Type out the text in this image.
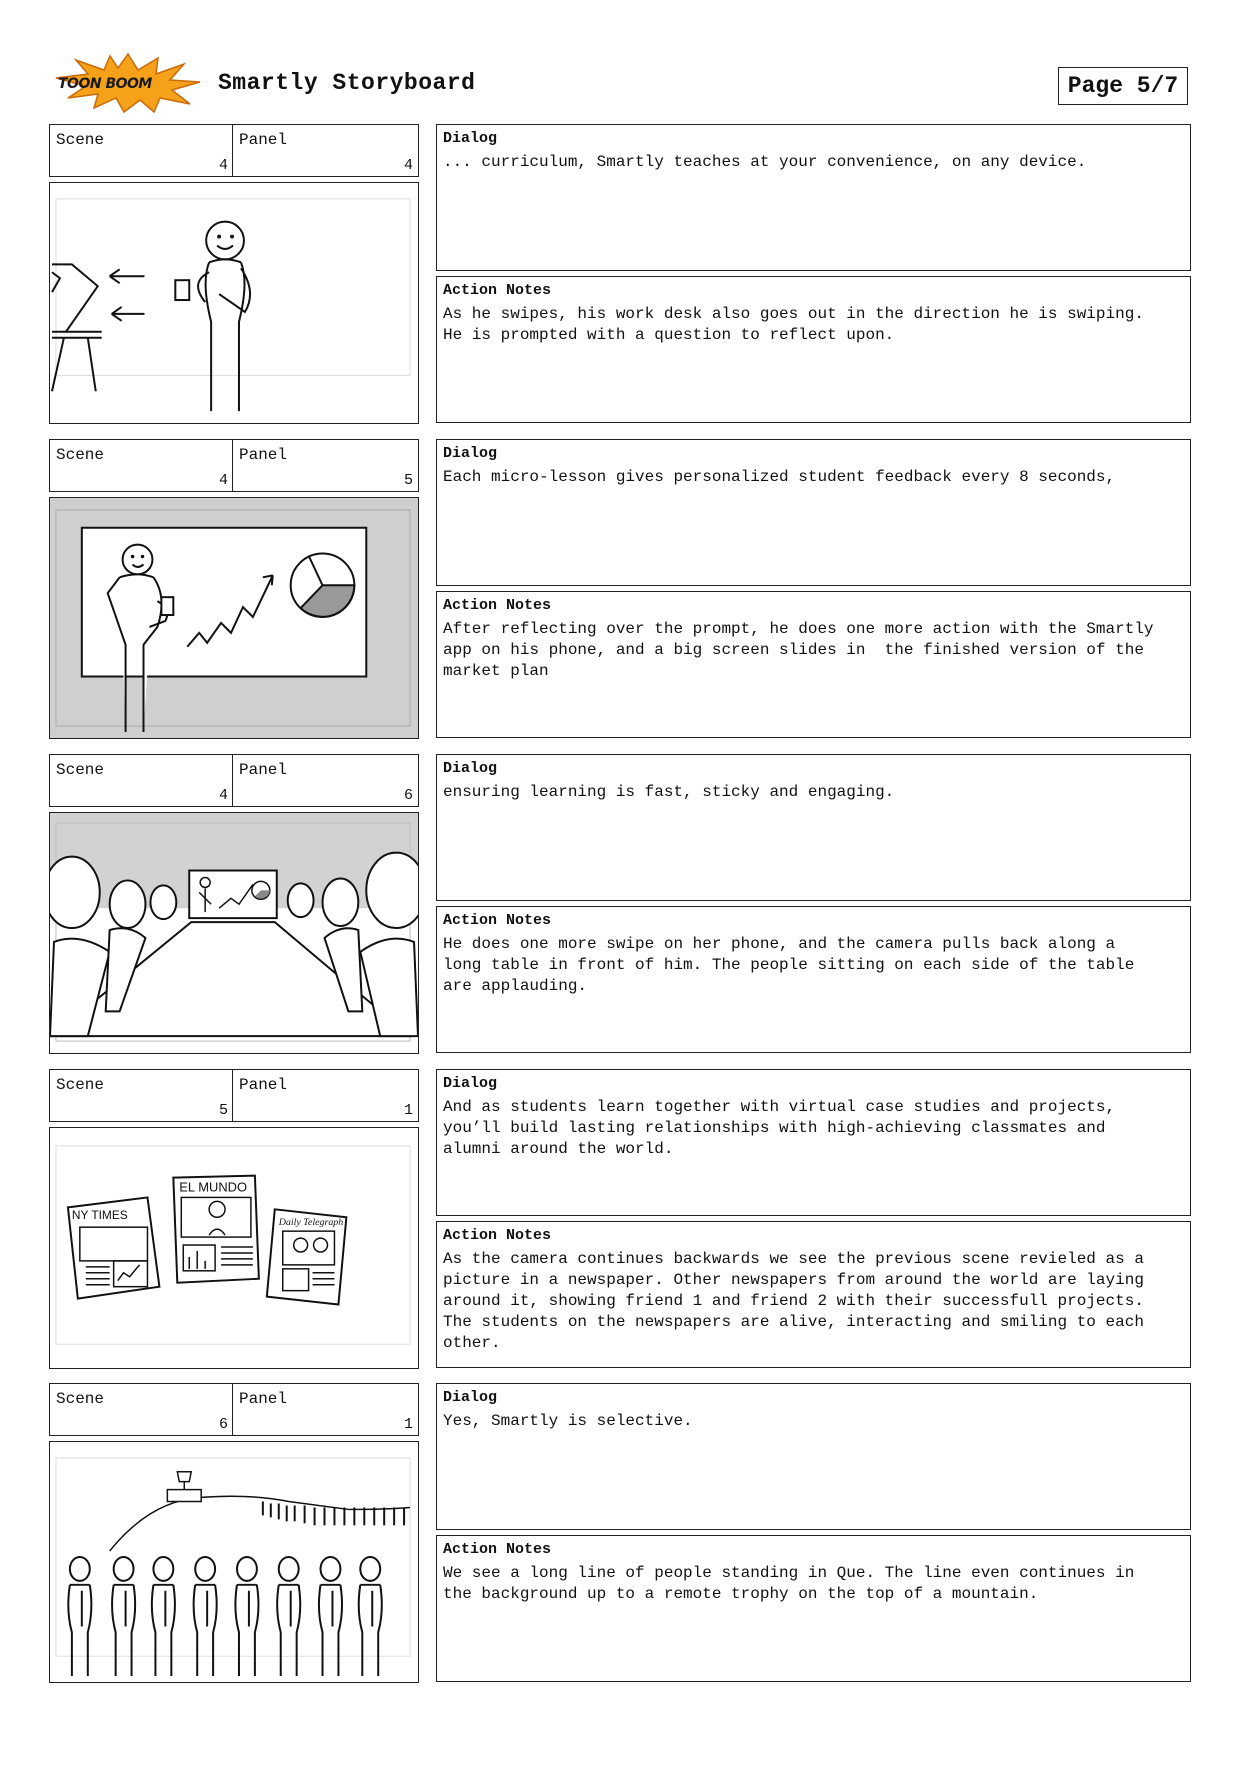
TOON BOOM	Smartly Storyboard	Page 5/7
Scene
4
Panel
4
Dialog
... curriculum, Smartly teaches at your convenience, on any device.
Action Notes
As he swipes, his work desk also goes out in the direction he is swiping.
He is prompted with a question to reflect upon.
Scene
4
Panel
5
Dialog
Each micro-lesson gives personalized student feedback every 8 seconds,
Action Notes
After reflecting over the prompt, he does one more action with the Smartly
app on his phone, and a big screen slides in  the finished version of the
market plan
Scene
4
Panel
6
Dialog
ensuring learning is fast, sticky and engaging.
Action Notes
He does one more swipe on her phone, and the camera pulls back along a
long table in front of him. The people sitting on each side of the table
are applauding.
Scene
5
Panel
1
NY TIMES
EL MUNDO
Daily Telegraph
Dialog
And as students learn together with virtual case studies and projects,
you’ll build lasting relationships with high-achieving classmates and
alumni around the world.
Action Notes
As the camera continues backwards we see the previous scene revieled as a
picture in a newspaper. Other newspapers from around the world are laying
around it, showing friend 1 and friend 2 with their successfull projects.
The students on the newspapers are alive, interacting and smiling to each
other.
Scene
6
Panel
1
Dialog
Yes, Smartly is selective.
Action Notes
We see a long line of people standing in Que. The line even continues in
the background up to a remote trophy on the top of a mountain.
